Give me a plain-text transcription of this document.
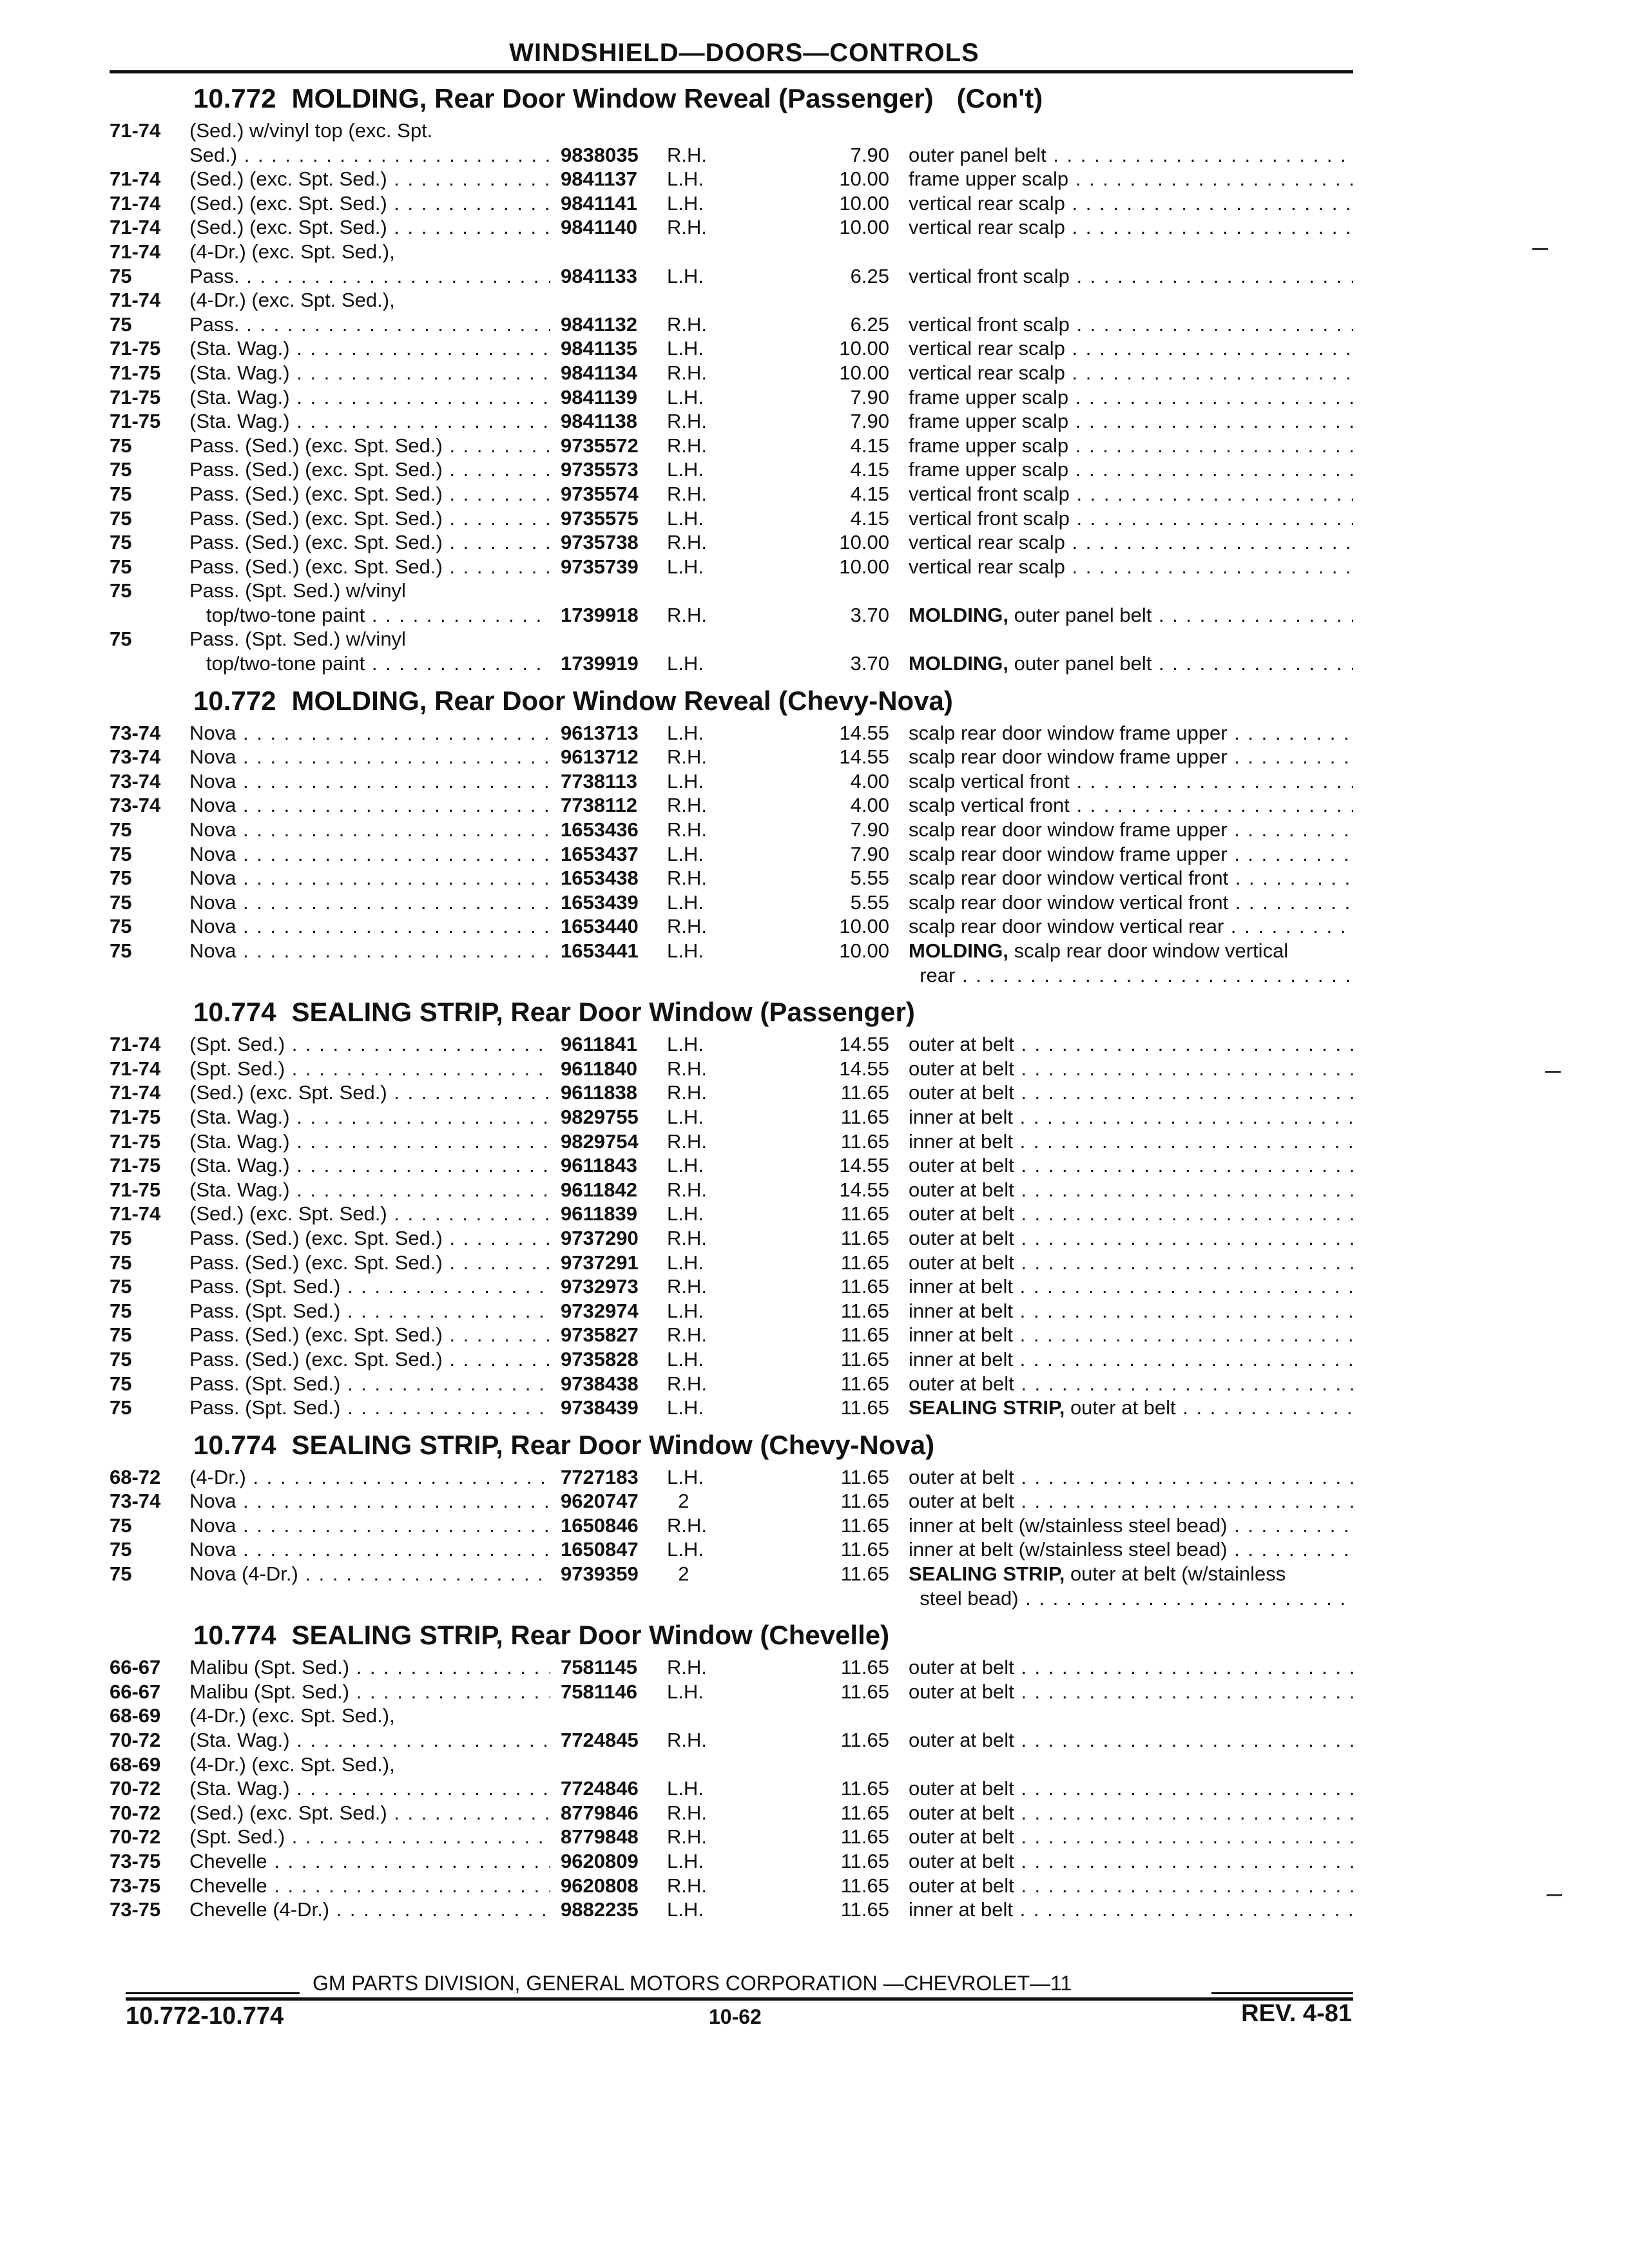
WINDSHIELD—DOORS—CONTROLS
10.772 MOLDING, Rear Door Window Reveal (Passenger) (Con't)
71-74	(Sed.) w/vinyl top (exc. Spt.
Sed.) . . .	9838035 R.H.	7.90 outer panel belt . . .
71-74	(Sed.) (exc. Spt. Sed.) . . .	9841137 L.H.	10.00 frame upper scalp . . .
71-74	(Sed.) (exc. Spt. Sed.) . . .	9841141 L.H.	10.00 vertical rear scalp . . .
71-74	(Sed.) (exc. Spt. Sed.) . . .	9841140 R.H.	10.00 vertical rear scalp . . .
71-74	(4-Dr.) (exc. Spt. Sed.),
75	Pass. . . .	9841133 L.H.	6.25 vertical front scalp . . .
71-74	(4-Dr.) (exc. Spt. Sed.),
75	Pass. . . .	9841132 R.H.	6.25 vertical front scalp . . .
71-75	(Sta. Wag.) . . .	9841135 L.H.	10.00 vertical rear scalp . . .
71-75	(Sta. Wag.) . . .	9841134 R.H.	10.00 vertical rear scalp . . .
71-75	(Sta. Wag.) . . .	9841139 L.H.	7.90 frame upper scalp . . .
71-75	(Sta. Wag.) . . .	9841138 R.H.	7.90 frame upper scalp . . .
75	Pass. (Sed.) (exc. Spt. Sed.) . . .	9735572 R.H.	4.15 frame upper scalp . . .
75	Pass. (Sed.) (exc. Spt. Sed.) . . .	9735573 L.H.	4.15 frame upper scalp . . .
75	Pass. (Sed.) (exc. Spt. Sed.) . . .	9735574 R.H.	4.15 vertical front scalp . . .
75	Pass. (Sed.) (exc. Spt. Sed.) . . .	9735575 L.H.	4.15 vertical front scalp . . .
75	Pass. (Sed.) (exc. Spt. Sed.) . . .	9735738 R.H.	10.00 vertical rear scalp . . .
75	Pass. (Sed.) (exc. Spt. Sed.) . . .	9735739 L.H.	10.00 vertical rear scalp . . .
75	Pass. (Spt. Sed.) w/vinyl
top/two-tone paint . . .	1739918 R.H.	3.70 MOLDING, outer panel belt . . .
75	Pass. (Spt. Sed.) w/vinyl
top/two-tone paint . . .	1739919 L.H.	3.70 MOLDING, outer panel belt . . .
10.772 MOLDING, Rear Door Window Reveal (Chevy-Nova)
73-74	Nova . . .	9613713 L.H.	14.55 scalp rear door window frame upper . . .
73-74	Nova . . .	9613712 R.H.	14.55 scalp rear door window frame upper . . .
73-74	Nova . . .	7738113 L.H.	4.00 scalp vertical front . . .
73-74	Nova . . .	7738112 R.H.	4.00 scalp vertical front . . .
75	Nova . . .	1653436 R.H.	7.90 scalp rear door window frame upper . . .
75	Nova . . .	1653437 L.H.	7.90 scalp rear door window frame upper . . .
75	Nova . . .	1653438 R.H.	5.55 scalp rear door window vertical front . . .
75	Nova . . .	1653439 L.H.	5.55 scalp rear door window vertical front . . .
75	Nova . . .	1653440 R.H.	10.00 scalp rear door window vertical rear . . .
75	Nova . . .	1653441 L.H.	10.00 MOLDING, scalp rear door window vertical
rear . . .
10.774 SEALING STRIP, Rear Door Window (Passenger)
71-74	(Spt. Sed.) . . .	9611841 L.H.	14.55 outer at belt . . .
71-74	(Spt. Sed.) . . .	9611840 R.H.	14.55 outer at belt . . .
71-74	(Sed.) (exc. Spt. Sed.) . . .	9611838 R.H.	11.65 outer at belt . . .
71-75	(Sta. Wag.) . . .	9829755 L.H.	11.65 inner at belt . . .
71-75	(Sta. Wag.) . . .	9829754 R.H.	11.65 inner at belt . . .
71-75	(Sta. Wag.) . . .	9611843 L.H.	14.55 outer at belt . . .
71-75	(Sta. Wag.) . . .	9611842 R.H.	14.55 outer at belt . . .
71-74	(Sed.) (exc. Spt. Sed.) . . .	9611839 L.H.	11.65 outer at belt . . .
75	Pass. (Sed.) (exc. Spt. Sed.) . . .	9737290 R.H.	11.65 outer at belt . . .
75	Pass. (Sed.) (exc. Spt. Sed.) . . .	9737291 L.H.	11.65 outer at belt . . .
75	Pass. (Spt. Sed.) . . .	9732973 R.H.	11.65 inner at belt . . .
75	Pass. (Spt. Sed.) . . .	9732974 L.H.	11.65 inner at belt . . .
75	Pass. (Sed.) (exc. Spt. Sed.) . . .	9735827 R.H.	11.65 inner at belt . . .
75	Pass. (Sed.) (exc. Spt. Sed.) . . .	9735828 L.H.	11.65 inner at belt . . .
75	Pass. (Spt. Sed.) . . .	9738438 R.H.	11.65 outer at belt . . .
75	Pass. (Spt. Sed.) . . .	9738439 L.H.	11.65 SEALING STRIP, outer at belt . . .
10.774 SEALING STRIP, Rear Door Window (Chevy-Nova)
68-72	(4-Dr.) . . .	7727183 L.H.	11.65 outer at belt . . .
73-74	Nova . . .	9620747 2	11.65 outer at belt . . .
75	Nova . . .	1650846 R.H.	11.65 inner at belt (w/stainless steel bead) . . .
75	Nova . . .	1650847 L.H.	11.65 inner at belt (w/stainless steel bead) . . .
75	Nova (4-Dr.) . . .	9739359 2	11.65 SEALING STRIP, outer at belt (w/stainless
steel bead) . . .
10.774 SEALING STRIP, Rear Door Window (Chevelle)
66-67	Malibu (Spt. Sed.) . . .	7581145 R.H.	11.65 outer at belt . . .
66-67	Malibu (Spt. Sed.) . . .	7581146 L.H.	11.65 outer at belt . . .
68-69	(4-Dr.) (exc. Spt. Sed.),
70-72	(Sta. Wag.) . . .	7724845 R.H.	11.65 outer at belt . . .
68-69	(4-Dr.) (exc. Spt. Sed.),
70-72	(Sta. Wag.) . . .	7724846 L.H.	11.65 outer at belt . . .
70-72	(Sed.) (exc. Spt. Sed.) . . .	8779846 R.H.	11.65 outer at belt . . .
70-72	(Spt. Sed.) . . .	8779848 R.H.	11.65 outer at belt . . .
73-75	Chevelle . . .	9620809 L.H.	11.65 outer at belt . . .
73-75	Chevelle . . .	9620808 R.H.	11.65 outer at belt . . .
73-75	Chevelle (4-Dr.) . . .	9882235 L.H.	11.65 inner at belt . . .
GM PARTS DIVISION, GENERAL MOTORS CORPORATION —CHEVROLET—11
10.772-10.774	10-62	REV. 4-81
